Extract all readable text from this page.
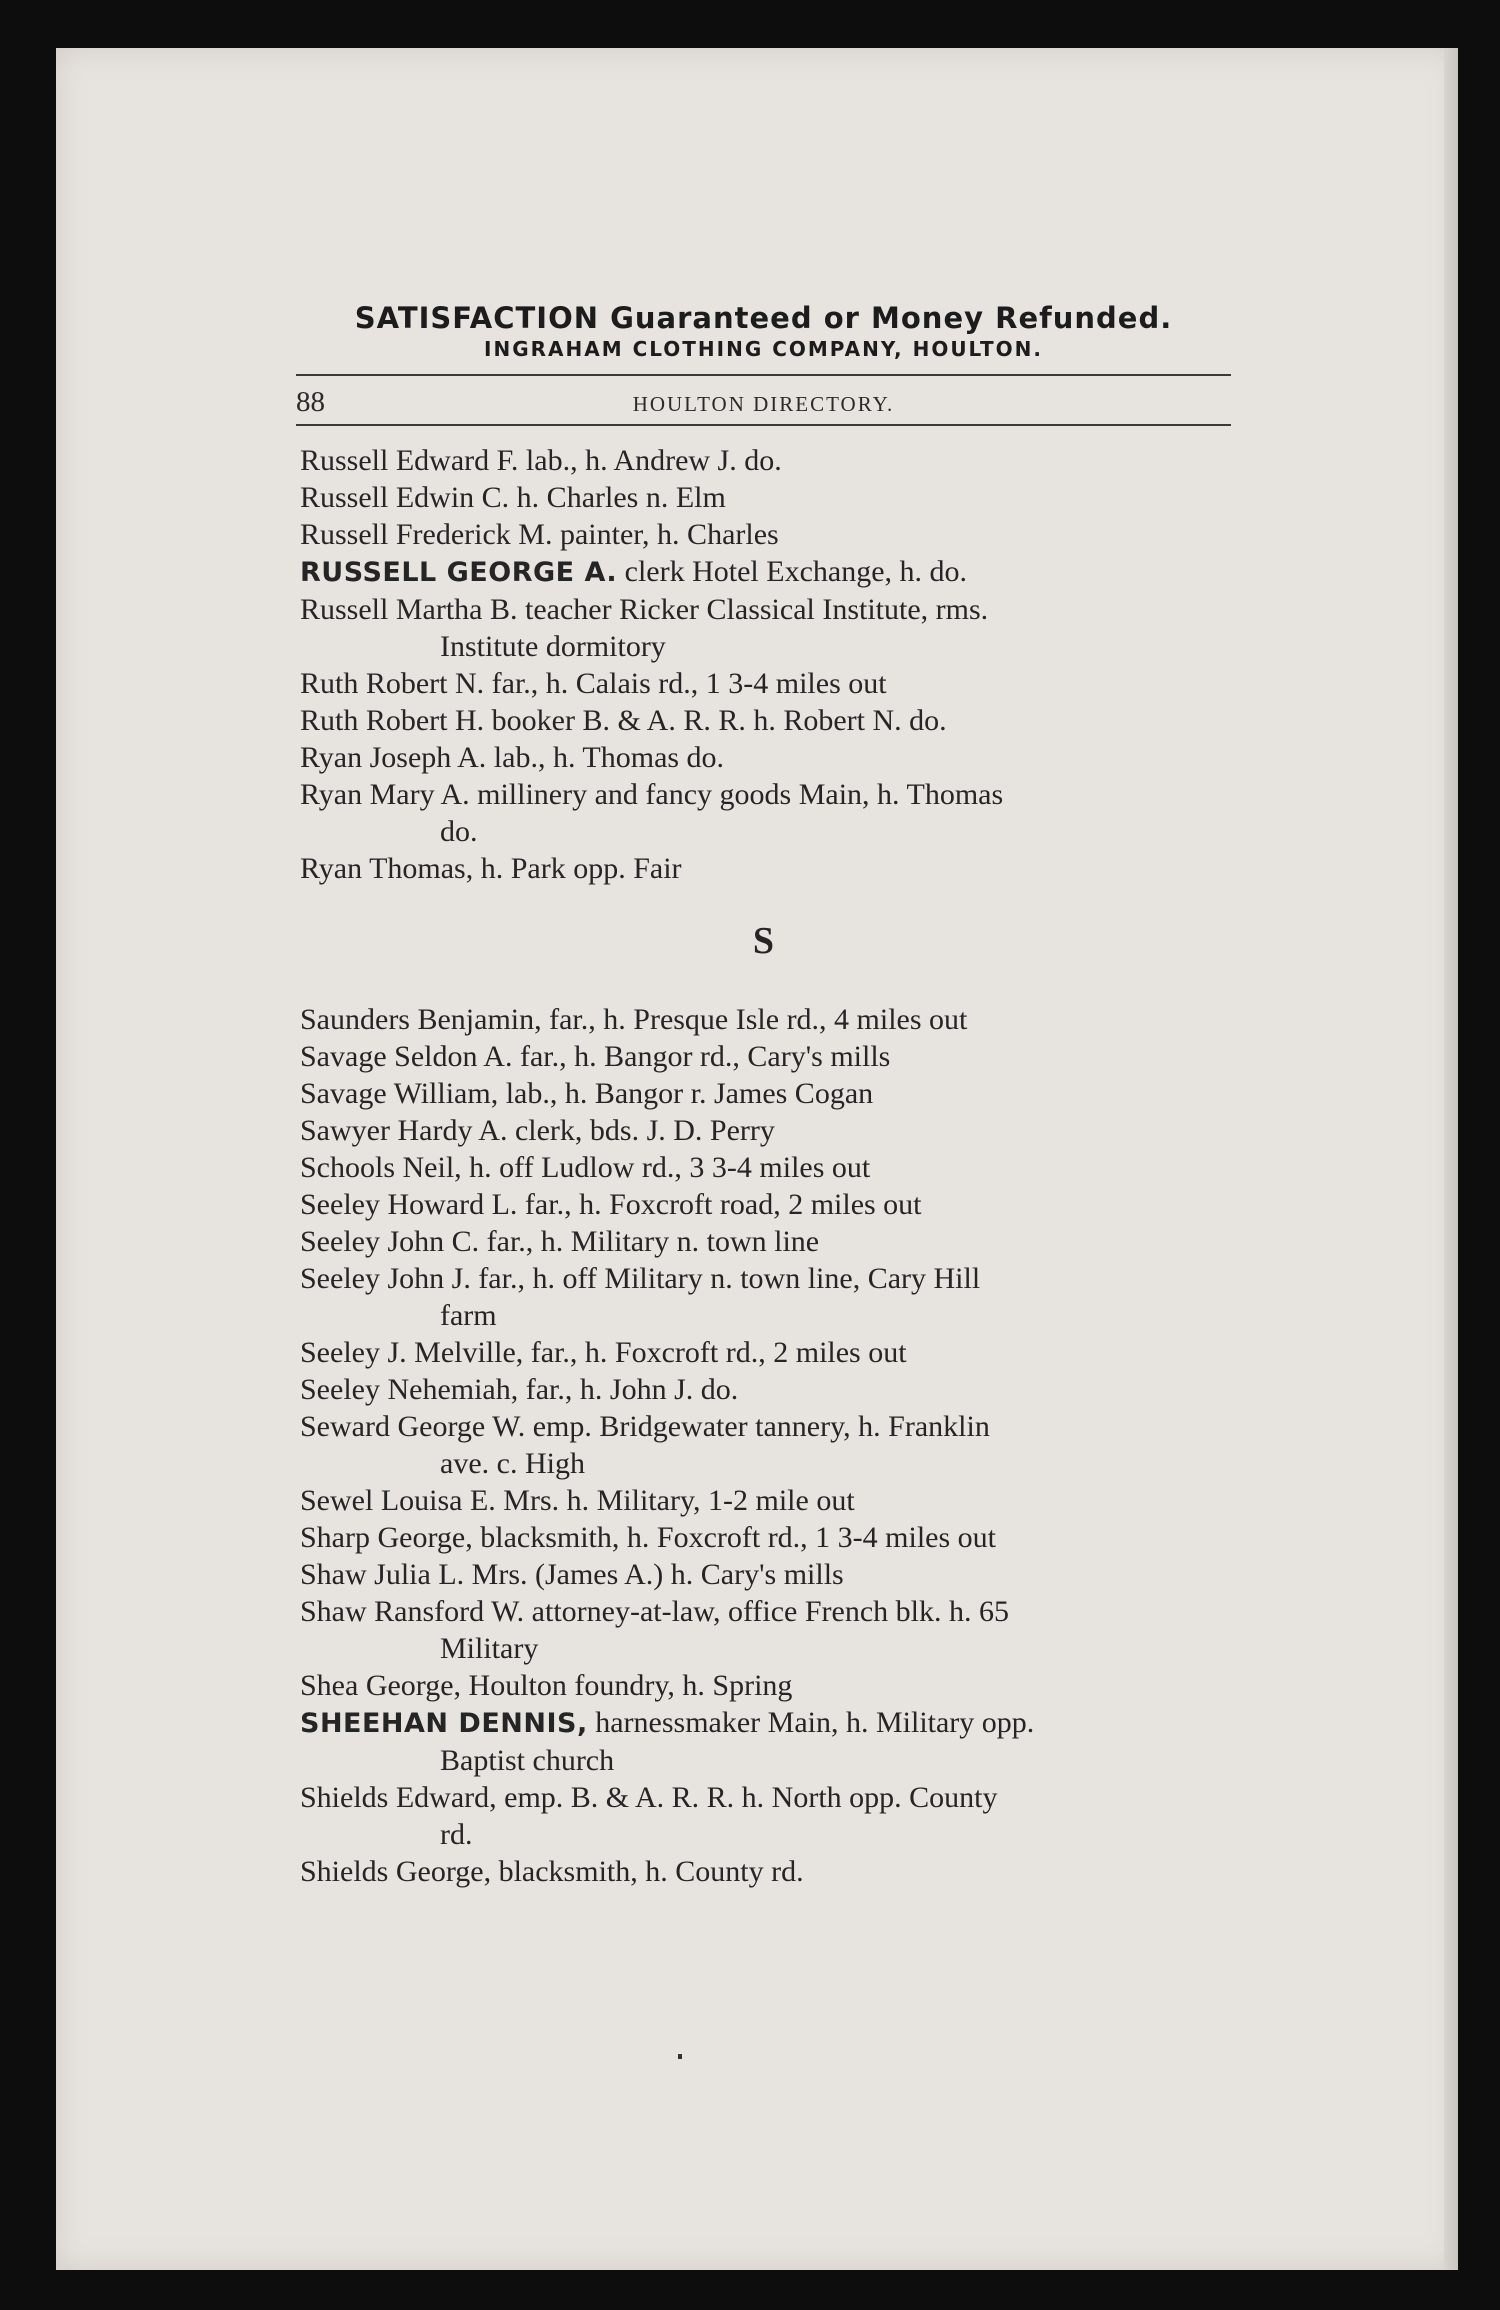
SATISFACTION Guaranteed or Money Refunded.
INGRAHAM CLOTHING COMPANY, HOULTON.
88	HOULTON DIRECTORY.
Russell Edward F. lab., h. Andrew J. do.
Russell Edwin C. h. Charles n. Elm
Russell Frederick M. painter, h. Charles
RUSSELL GEORGE A. clerk Hotel Exchange, h. do.
Russell Martha B. teacher Ricker Classical Institute, rms.
Institute dormitory
Ruth Robert N. far., h. Calais rd., 1 3-4 miles out
Ruth Robert H. booker B. & A. R. R. h. Robert N. do.
Ryan Joseph A. lab., h. Thomas do.
Ryan Mary A. millinery and fancy goods Main, h. Thomas
do.
Ryan Thomas, h. Park opp. Fair
S
Saunders Benjamin, far., h. Presque Isle rd., 4 miles out
Savage Seldon A. far., h. Bangor rd., Cary's mills
Savage William, lab., h. Bangor r. James Cogan
Sawyer Hardy A. clerk, bds. J. D. Perry
Schools Neil, h. off Ludlow rd., 3 3-4 miles out
Seeley Howard L. far., h. Foxcroft road, 2 miles out
Seeley John C. far., h. Military n. town line
Seeley John J. far., h. off Military n. town line, Cary Hill
farm
Seeley J. Melville, far., h. Foxcroft rd., 2 miles out
Seeley Nehemiah, far., h. John J. do.
Seward George W. emp. Bridgewater tannery, h. Franklin
ave. c. High
Sewel Louisa E. Mrs. h. Military, 1-2 mile out
Sharp George, blacksmith, h. Foxcroft rd., 1 3-4 miles out
Shaw Julia L. Mrs. (James A.) h. Cary's mills
Shaw Ransford W. attorney-at-law, office French blk. h. 65
Military
Shea George, Houlton foundry, h. Spring
SHEEHAN DENNIS, harnessmaker Main, h. Military opp.
Baptist church
Shields Edward, emp. B. & A. R. R. h. North opp. County
rd.
Shields George, blacksmith, h. County rd.
